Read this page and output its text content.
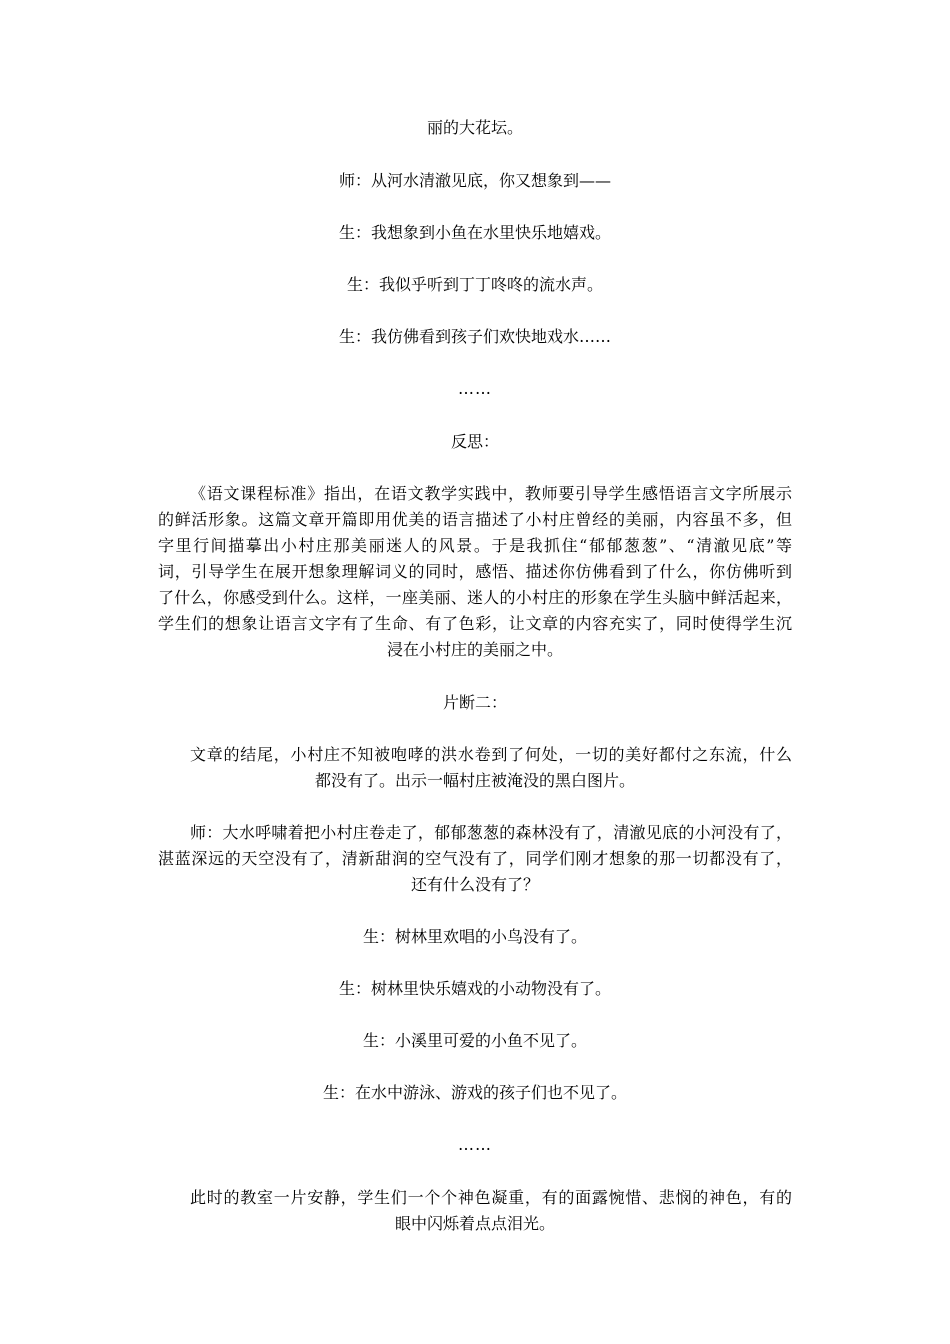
丽的大花坛。
师：从河水清澈见底，你又想象到——
生：我想象到小鱼在水里快乐地嬉戏。
生：我似乎听到丁丁咚咚的流水声。
生：我仿佛看到孩子们欢快地戏水……
……
反思：
《语文课程标准》指出，在语文教学实践中，教师要引导学生感悟语言文字所展示
的鲜活形象。这篇文章开篇即用优美的语言描述了小村庄曾经的美丽，内容虽不多，但
字里行间描摹出小村庄那美丽迷人的风景。于是我抓住“郁郁葱葱”、“清澈见底”等
词，引导学生在展开想象理解词义的同时，感悟、描述你仿佛看到了什么，你仿佛听到
了什么，你感受到什么。这样，一座美丽、迷人的小村庄的形象在学生头脑中鲜活起来，
学生们的想象让语言文字有了生命、有了色彩，让文章的内容充实了，同时使得学生沉
浸在小村庄的美丽之中。
片断二：
文章的结尾，小村庄不知被咆哮的洪水卷到了何处，一切的美好都付之东流，什么
都没有了。出示一幅村庄被淹没的黑白图片。
师：大水呼啸着把小村庄卷走了，郁郁葱葱的森林没有了，清澈见底的小河没有了，
湛蓝深远的天空没有了，清新甜润的空气没有了，同学们刚才想象的那一切都没有了，
还有什么没有了？
生：树林里欢唱的小鸟没有了。
生：树林里快乐嬉戏的小动物没有了。
生：小溪里可爱的小鱼不见了。
生：在水中游泳、游戏的孩子们也不见了。
……
此时的教室一片安静，学生们一个个神色凝重，有的面露惋惜、悲悯的神色，有的
眼中闪烁着点点泪光。
